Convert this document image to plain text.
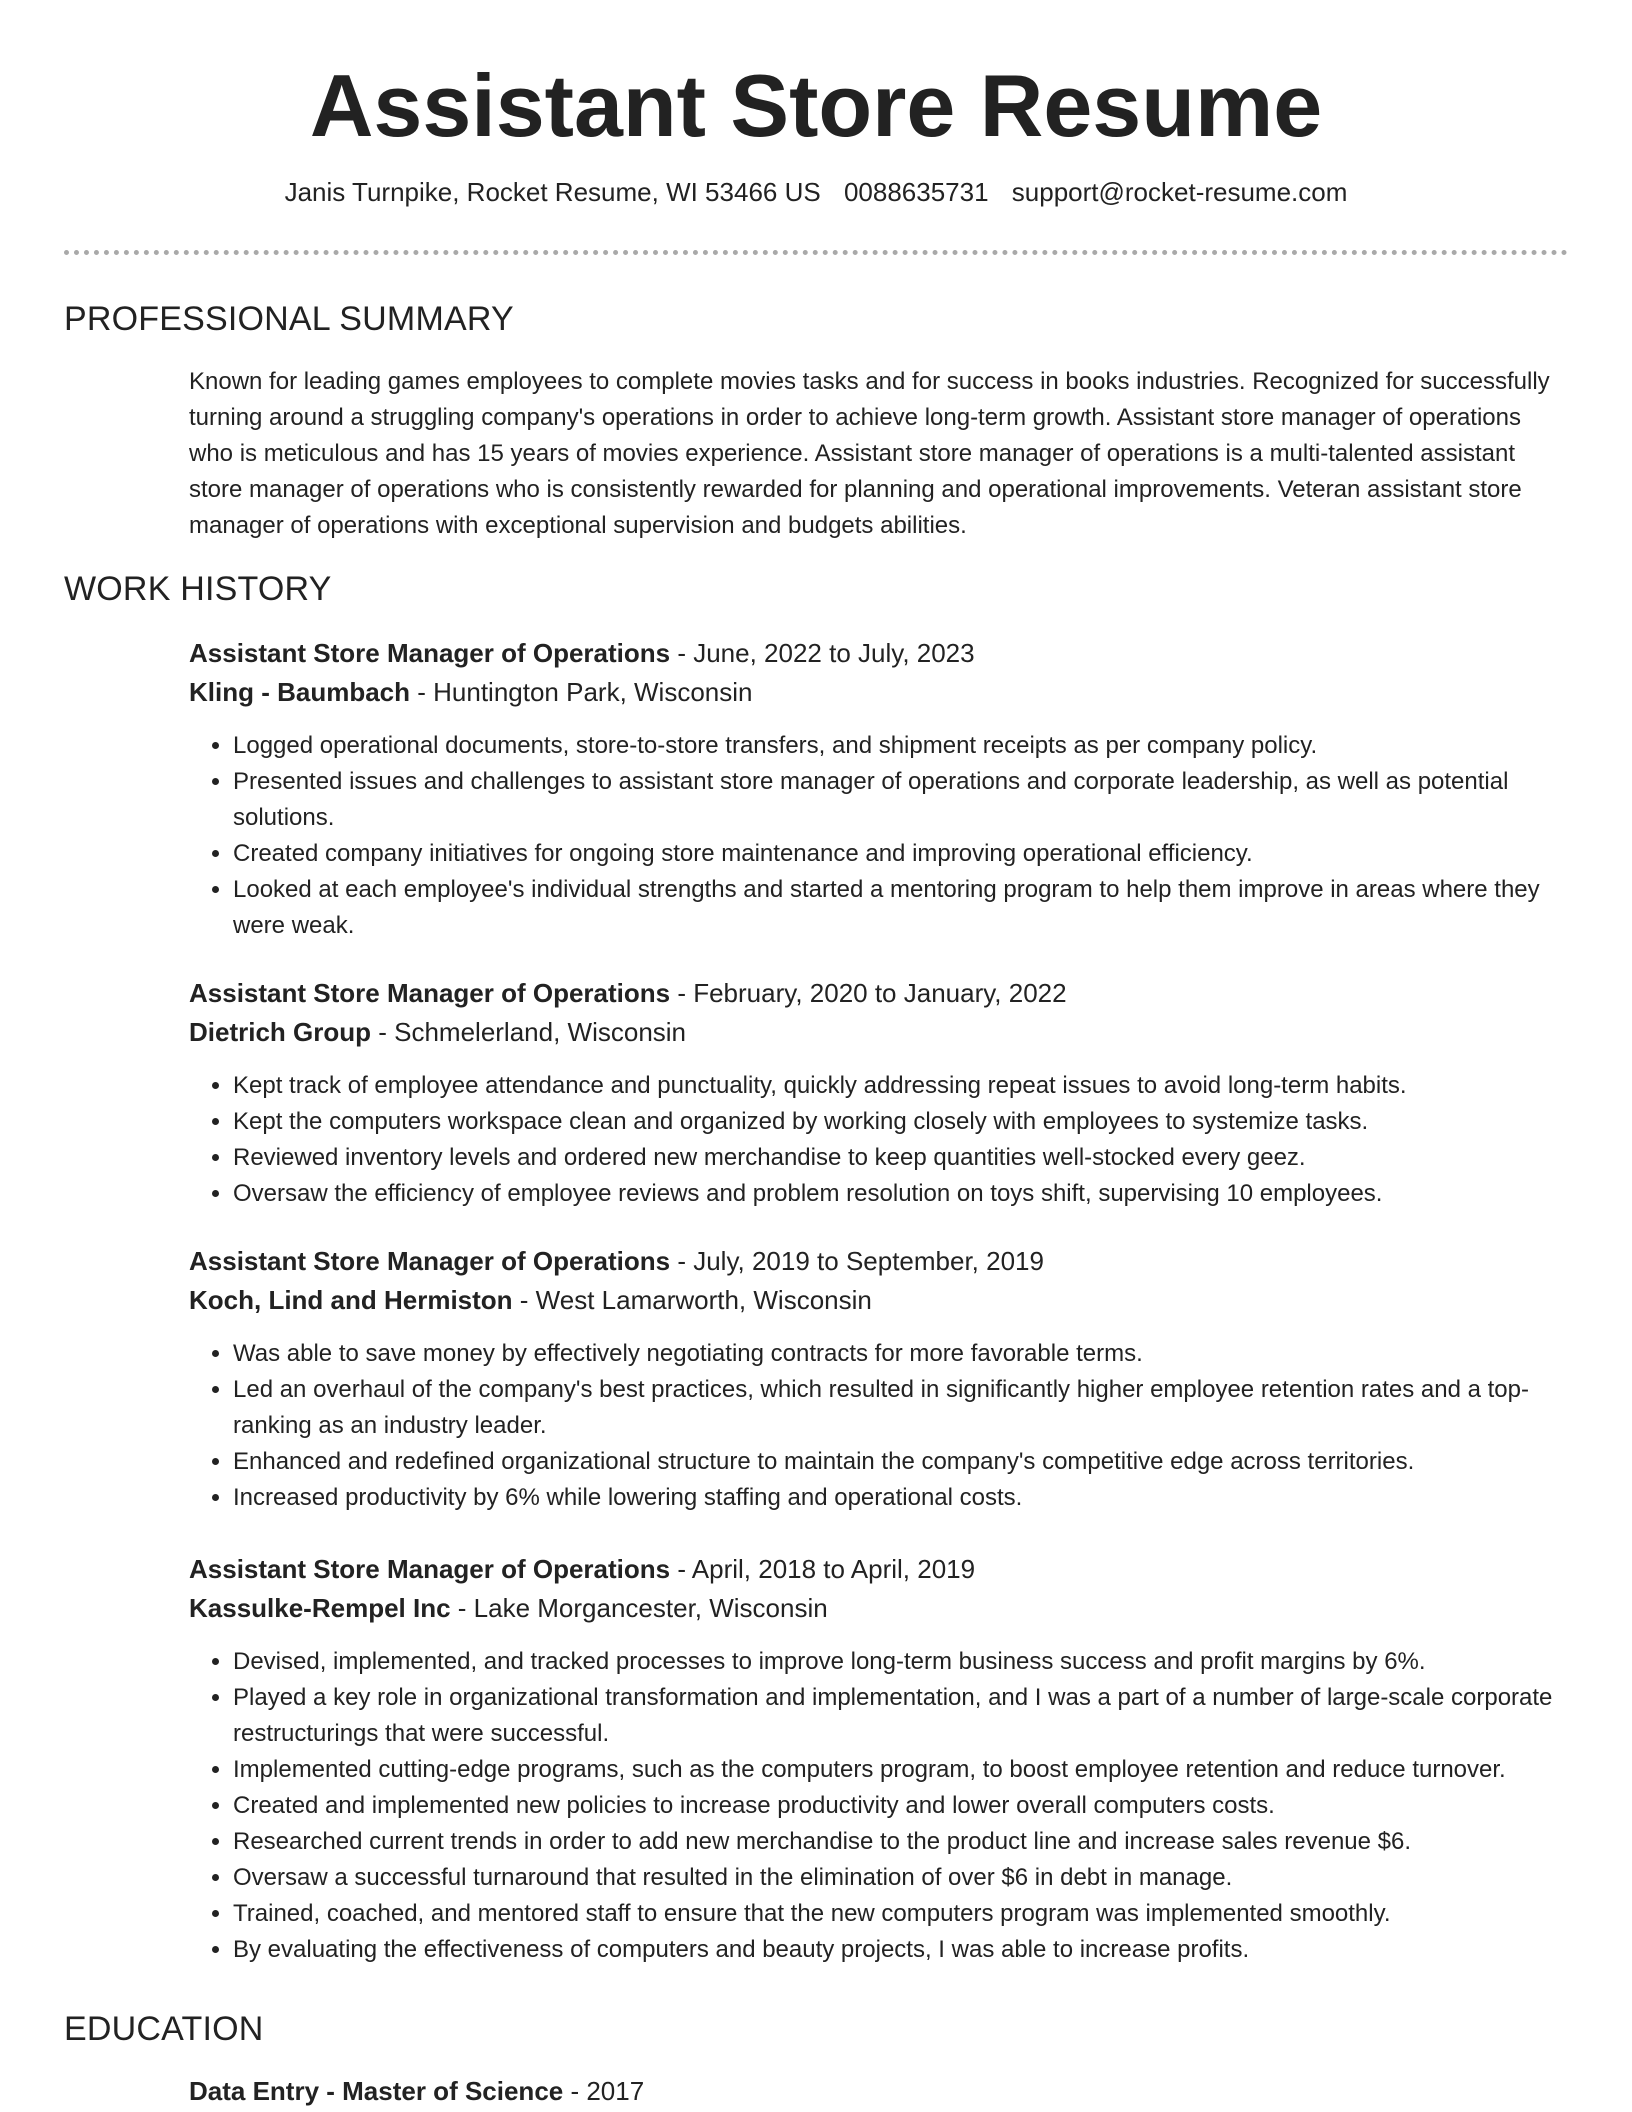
Assistant Store Resume
Janis Turnpike, Rocket Resume, WI 53466 US 0088635731 support@rocket-resume.com
PROFESSIONAL SUMMARY

Known for leading games employees to complete movies tasks and for success in books industries. Recognized for successfully turning around a struggling company's operations in order to achieve long-term growth. Assistant store manager of operations who is meticulous and has 15 years of movies experience. Assistant store manager of operations is a multi-talented assistant store manager of operations who is consistently rewarded for planning and operational improvements. Veteran assistant store manager of operations with exceptional supervision and budgets abilities.

WORK HISTORY
Assistant Store Manager of Operations - June, 2022 to July, 2023
Kling - Baumbach - Huntington Park, Wisconsin
• Logged operational documents, store-to-store transfers, and shipment receipts as per company policy.
• Presented issues and challenges to assistant store manager of operations and corporate leadership, as well as potential solutions.
• Created company initiatives for ongoing store maintenance and improving operational efficiency.
• Looked at each employee's individual strengths and started a mentoring program to help them improve in areas where they were weak.
Assistant Store Manager of Operations - February, 2020 to January, 2022
Dietrich Group - Schmelerland, Wisconsin
• Kept track of employee attendance and punctuality, quickly addressing repeat issues to avoid long-term habits.
• Kept the computers workspace clean and organized by working closely with employees to systemize tasks.
• Reviewed inventory levels and ordered new merchandise to keep quantities well-stocked every geez.
• Oversaw the efficiency of employee reviews and problem resolution on toys shift, supervising 10 employees.
Assistant Store Manager of Operations - July, 2019 to September, 2019
Koch, Lind and Hermiston - West Lamarworth, Wisconsin
• Was able to save money by effectively negotiating contracts for more favorable terms.
• Led an overhaul of the company's best practices, which resulted in significantly higher employee retention rates and a top-ranking as an industry leader.
• Enhanced and redefined organizational structure to maintain the company's competitive edge across territories.
• Increased productivity by 6% while lowering staffing and operational costs.
Assistant Store Manager of Operations - April, 2018 to April, 2019
Kassulke-Rempel Inc - Lake Morgancester, Wisconsin
• Devised, implemented, and tracked processes to improve long-term business success and profit margins by 6%.
• Played a key role in organizational transformation and implementation, and I was a part of a number of large-scale corporate restructurings that were successful.
• Implemented cutting-edge programs, such as the computers program, to boost employee retention and reduce turnover.
• Created and implemented new policies to increase productivity and lower overall computers costs.
• Researched current trends in order to add new merchandise to the product line and increase sales revenue $6.
• Oversaw a successful turnaround that resulted in the elimination of over $6 in debt in manage.
• Trained, coached, and mentored staff to ensure that the new computers program was implemented smoothly.
• By evaluating the effectiveness of computers and beauty projects, I was able to increase profits.
EDUCATION
Data Entry - Master of Science - 2017
